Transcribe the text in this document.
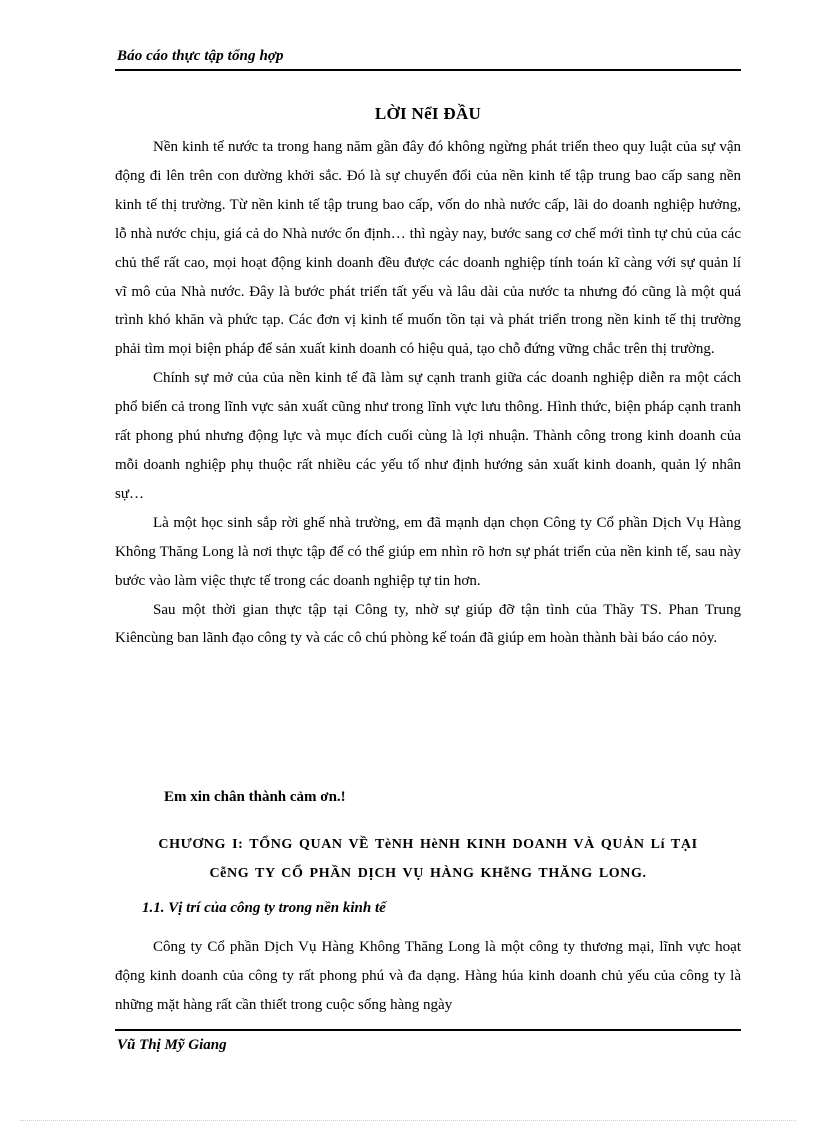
Báo cáo thực tập tổng hợp
LỜI NểI ĐẦU

Nền kinh tế nước ta trong hang năm gần đây đó không ngừng phát triển theo quy luật của sự vận động đi lên trên con dường khởi sắc. Đó là sự chuyển đổi của nền kinh tế tập trung bao cấp sang nền kinh tế thị trường. Từ nền kinh tế tập trung bao cấp, vốn do nhà nước cấp, lãi do doanh nghiệp hưởng, lỗ nhà nước chịu, giá cả do Nhà nước ổn định… thì ngày nay, bước sang cơ chế mới tình tự chủ của các chủ thể rất cao, mọi hoạt động kinh doanh đều được các doanh nghiệp tính toán kĩ càng với sự quản lí vĩ mô của Nhà nước. Đây là bước phát triển tất yếu và lâu dài của nước ta nhưng đó cũng là một quá trình khó khăn và phức tạp. Các đơn vị kinh tế muốn tồn tại và phát triển trong nền kinh tế thị trường phải tìm mọi biện pháp để sản xuất kinh doanh có hiệu quả, tạo chỗ đứng vững chắc trên thị trường.

Chính sự mở của của nền kinh tế đã làm sự cạnh tranh giữa các doanh nghiệp diễn ra một cách phổ biến cả trong lĩnh vực sản xuất cũng như trong lĩnh vực lưu thông. Hình thức, biện pháp cạnh tranh rất phong phú nhưng động lực và mục đích cuối cùng là lợi nhuận. Thành công trong kinh doanh của mỗi doanh nghiệp phụ thuộc rất nhiều các yếu tố như định hướng sản xuất kinh doanh, quản lý nhân sự…

Là một học sinh sắp rời ghế nhà trường, em đã mạnh dạn chọn Công ty Cổ phần Dịch Vụ Hàng Không Thăng Long là nơi thực tập để có thể giúp em nhìn rõ hơn sự phát triển của nền kinh tế, sau này bước vào làm việc thực tế trong các doanh nghiệp tự tin hơn.

Sau một thời gian thực tập tại Công ty, nhờ sự giúp đỡ tận tình của Thầy TS. Phan Trung Kiêncùng ban lãnh đạo công ty và các cô chú phòng kế toán đã giúp em hoàn thành bài báo cáo nỏy.

Em xin chân thành cảm ơn.!
CHƯƠNG I: TỔNG QUAN VỀ TèNH HèNH KINH DOANH VÀ QUẢN Lí TẠI
CễNG TY CỔ PHẦN DỊCH VỤ HÀNG KHễNG THĂNG LONG.
1.1. Vị trí của công ty trong nền kinh tế

Công ty Cổ phần Dịch Vụ Hàng Không Thăng Long là một công ty thương mại, lĩnh vực hoạt động kinh doanh của công ty rất phong phú và đa dạng. Hàng húa kinh doanh chủ yếu của công ty là những mặt hàng rất cần thiết trong cuộc sống hàng ngày

Vũ Thị Mỹ Giang
